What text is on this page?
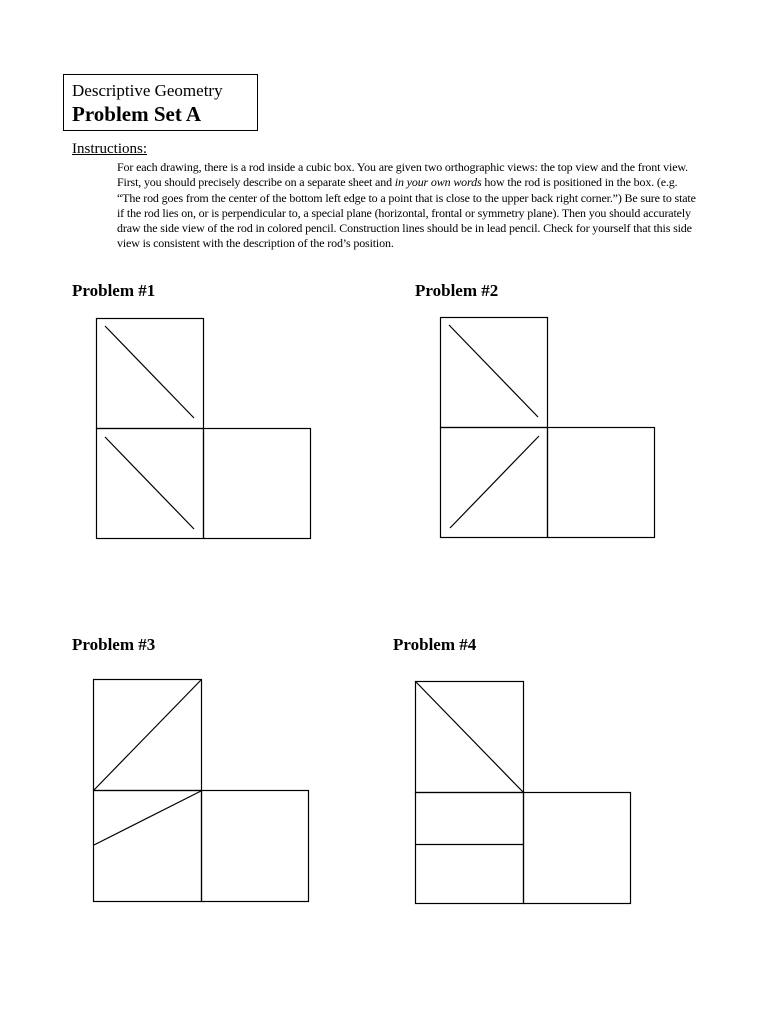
Descriptive Geometry
Problem Set A
Instructions:
For each drawing, there is a rod inside a cubic box. You are given two orthographic views: the top view and the front view. First, you should precisely describe on a separate sheet and in your own words how the rod is positioned in the box. (e.g. “The rod goes from the center of the bottom left edge to a point that is close to the upper back right corner.”) Be sure to state if the rod lies on, or is perpendicular to, a special plane (horizontal, frontal or symmetry plane). Then you should accurately draw the side view of the rod in colored pencil. Construction lines should be in lead pencil. Check for yourself that this side view is consistent with the description of the rod’s position.
Problem #1	Problem #2
Problem #3	Problem #4
